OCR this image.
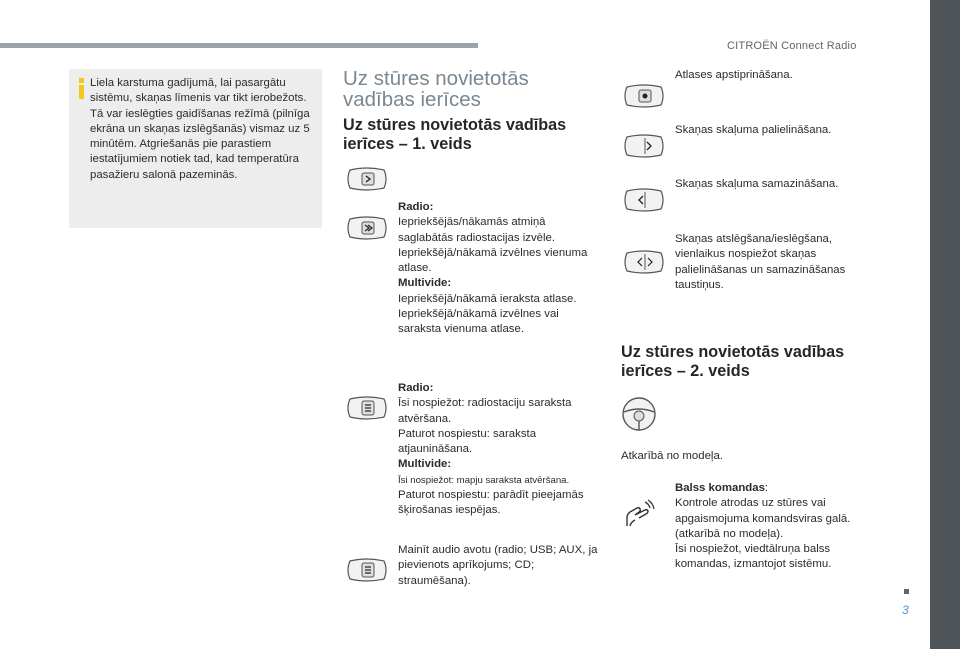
CITROËN Connect Radio
3
Liela karstuma gadījumā, lai pasargātu sistēmu, skaņas līmenis var tikt ierobežots. Tā var ieslēgties gaidīšanas režīmā (pilnīga ekrāna un skaņas izslēgšanās) vismaz uz 5 minūtēm. Atgriešanās pie parastiem iestatījumiem notiek tad, kad temperatūra pasažieru salonā pazeminās.
Uz stūres novietotās vadības ierīces
Uz stūres novietotās vadības ierīces – 1. veids
Radio:
Iepriekšējās/nākamās atmiņā saglabātās radiostacijas izvēle.
Iepriekšējā/nākamā izvēlnes vienuma atlase.
Multivide:
Iepriekšējā/nākamā ieraksta atlase.
Iepriekšējā/nākamā izvēlnes vai saraksta vienuma atlase.
Radio:
Īsi nospiežot: radiostaciju saraksta atvēršana.
Paturot nospiestu: saraksta atjaunināšana.
Multivide:
Īsi nospiežot: mapju saraksta atvēršana.
Paturot nospiestu: parādīt pieejamās šķirošanas iespējas.
Mainīt audio avotu (radio; USB; AUX, ja pievienots aprīkojums; CD; straumēšana).
Atlases apstiprināšana.
Skaņas skaļuma palielināšana.
Skaņas skaļuma samazināšana.
Skaņas atslēgšana/ieslēgšana, vienlaikus nospiežot skaņas palielināšanas un samazināšanas taustiņus.
Uz stūres novietotās vadības ierīces – 2. veids
Atkarībā no modeļa.
Balss komandas:
Kontrole atrodas uz stūres vai apgaismojuma komandsviras galā.
(atkarībā no modeļa).
Īsi nospiežot, viedtālruņa balss komandas, izmantojot sistēmu.
